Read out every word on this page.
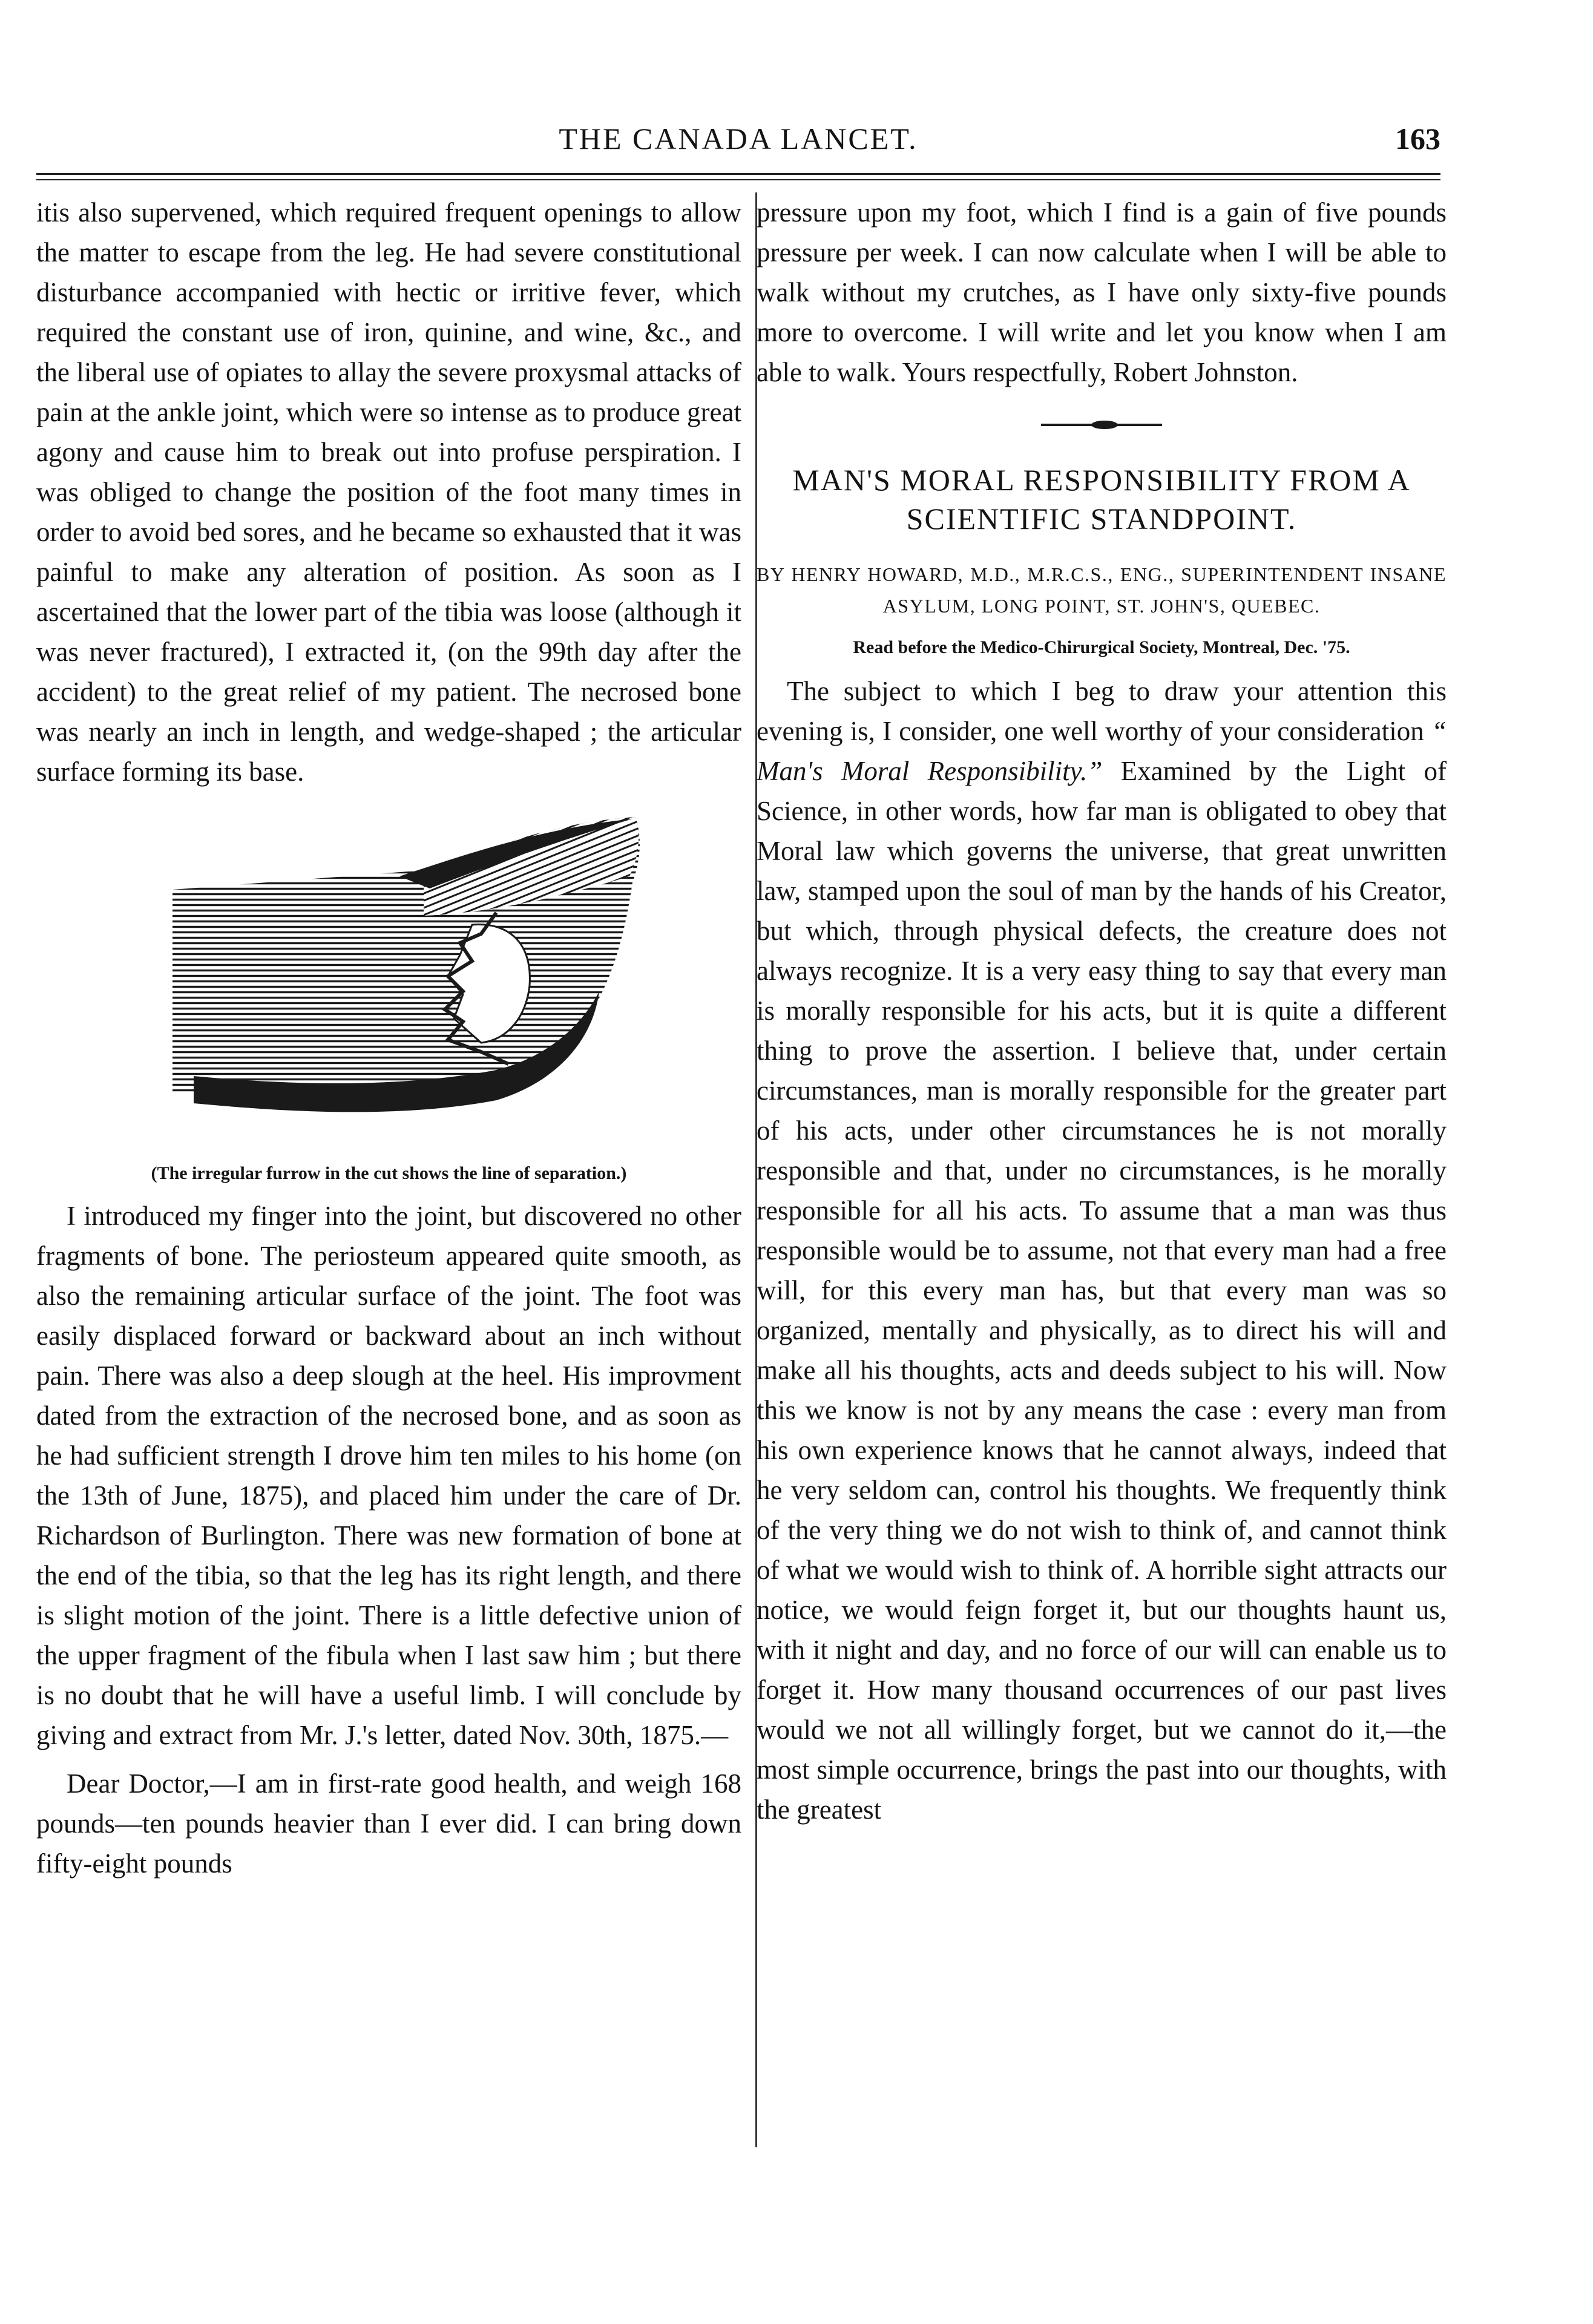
THE CANADA LANCET.	163

itis also supervened, which required frequent openings to allow the matter to escape from the leg. He had severe constitutional disturbance accompanied with hectic or irritive fever, which required the constant use of iron, quinine, and wine, &c., and the liberal use of opiates to allay the severe proxysmal attacks of pain at the ankle joint, which were so intense as to produce great agony and cause him to break out into profuse perspiration. I was obliged to change the position of the foot many times in order to avoid bed sores, and he became so exhausted that it was painful to make any alteration of position. As soon as I ascertained that the lower part of the tibia was loose (although it was never fractured), I extracted it, (on the 99th day after the accident) to the great relief of my patient. The necrosed bone was nearly an inch in length, and wedge-shaped ; the articular surface forming its base.

(The irregular furrow in the cut shows the line of separation.)

I introduced my finger into the joint, but discovered no other fragments of bone. The periosteum appeared quite smooth, as also the remaining articular surface of the joint. The foot was easily displaced forward or backward about an inch without pain. There was also a deep slough at the heel. His improvment dated from the extraction of the necrosed bone, and as soon as he had sufficient strength I drove him ten miles to his home (on the 13th of June, 1875), and placed him under the care of Dr. Richardson of Burlington. There was new formation of bone at the end of the tibia, so that the leg has its right length, and there is slight motion of the joint. There is a little defective union of the upper fragment of the fibula when I last saw him ; but there is no doubt that he will have a useful limb. I will conclude by giving and extract from Mr. J.'s letter, dated Nov. 30th, 1875.—

Dear Doctor,—I am in first-rate good health, and weigh 168 pounds—ten pounds heavier than I ever did. I can bring down fifty-eight pounds

pressure upon my foot, which I find is a gain of five pounds pressure per week. I can now calculate when I will be able to walk without my crutches, as I have only sixty-five pounds more to overcome. I will write and let you know when I am able to walk. Yours respectfully, Robert Johnston.

MAN'S MORAL RESPONSIBILITY FROM A SCIENTIFIC STANDPOINT.

BY HENRY HOWARD, M.D., M.R.C.S., ENG., SUPERINTENDENT INSANE ASYLUM, LONG POINT, ST. JOHN'S, QUEBEC.

Read before the Medico-Chirurgical Society, Montreal, Dec. '75.

The subject to which I beg to draw your attention this evening is, I consider, one well worthy of your consideration “ Man's Moral Responsibility.” Examined by the Light of Science, in other words, how far man is obligated to obey that Moral law which governs the universe, that great unwritten law, stamped upon the soul of man by the hands of his Creator, but which, through physical defects, the creature does not always recognize. It is a very easy thing to say that every man is morally responsible for his acts, but it is quite a different thing to prove the assertion. I believe that, under certain circumstances, man is morally responsible for the greater part of his acts, under other circumstances he is not morally responsible and that, under no circumstances, is he morally responsible for all his acts. To assume that a man was thus responsible would be to assume, not that every man had a free will, for this every man has, but that every man was so organized, mentally and physically, as to direct his will and make all his thoughts, acts and deeds subject to his will. Now this we know is not by any means the case : every man from his own experience knows that he cannot always, indeed that he very seldom can, control his thoughts. We frequently think of the very thing we do not wish to think of, and cannot think of what we would wish to think of. A horrible sight attracts our notice, we would feign forget it, but our thoughts haunt us, with it night and day, and no force of our will can enable us to forget it. How many thousand occurrences of our past lives would we not all willingly forget, but we cannot do it,—the most simple occurrence, brings the past into our thoughts, with the greatest
